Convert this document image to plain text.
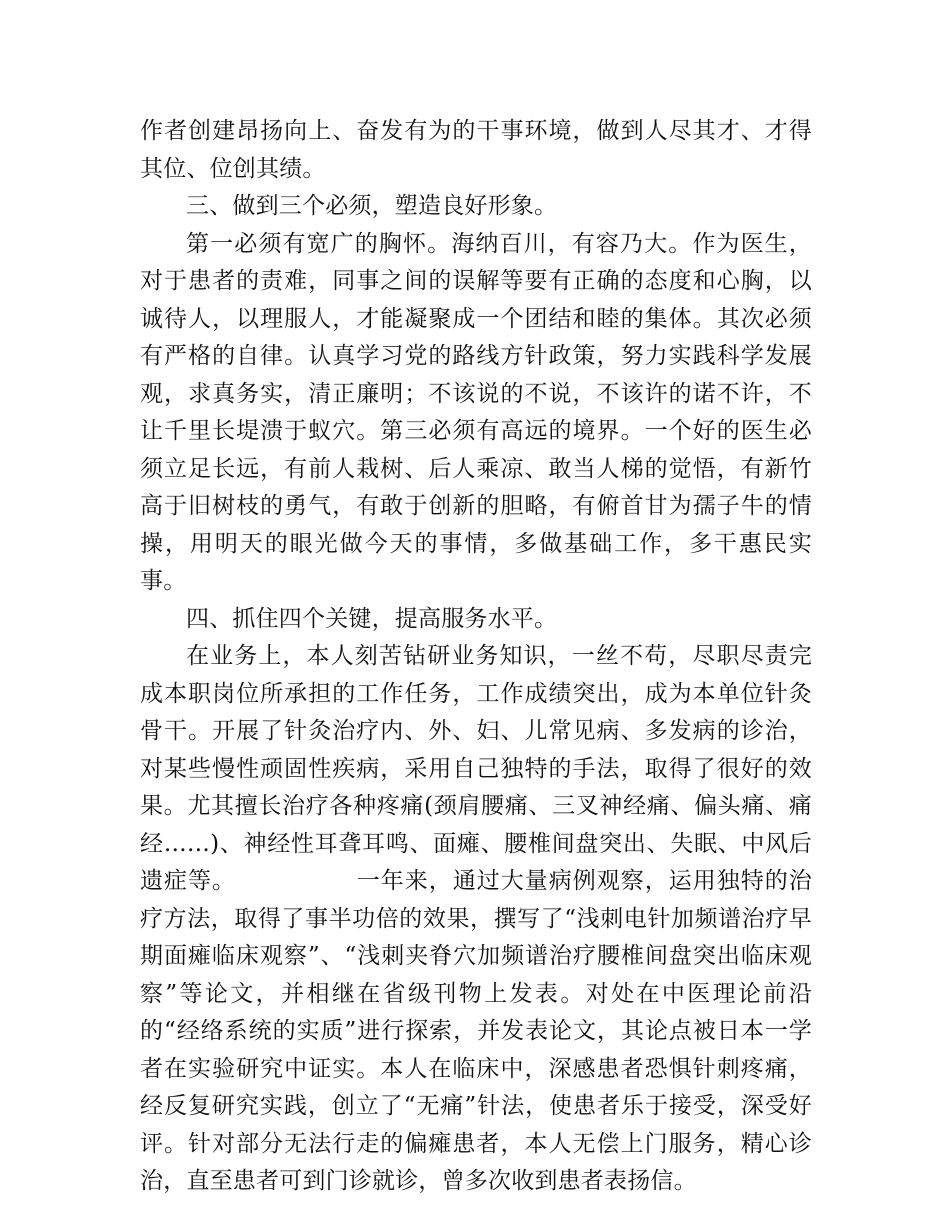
作者创建昂扬向上、奋发有为的干事环境，做到人尽其才、才得其位、位创其绩。

三、做到三个必须，塑造良好形象。

第一必须有宽广的胸怀。海纳百川，有容乃大。作为医生，对于患者的责难，同事之间的误解等要有正确的态度和心胸，以诚待人，以理服人，才能凝聚成一个团结和睦的集体。其次必须有严格的自律。认真学习党的路线方针政策，努力实践科学发展观，求真务实，清正廉明；不该说的不说，不该许的诺不许，不让千里长堤溃于蚁穴。第三必须有高远的境界。一个好的医生必须立足长远，有前人栽树、后人乘凉、敢当人梯的觉悟，有新竹高于旧树枝的勇气，有敢于创新的胆略，有俯首甘为孺子牛的情操，用明天的眼光做今天的事情，多做基础工作，多干惠民实事。

四、抓住四个关键，提高服务水平。

在业务上，本人刻苦钻研业务知识，一丝不苟，尽职尽责完成本职岗位所承担的工作任务，工作成绩突出，成为本单位针灸骨干。开展了针灸治疗内、外、妇、儿常见病、多发病的诊治，对某些慢性顽固性疾病，采用自己独特的手法，取得了很好的效果。尤其擅长治疗各种疼痛(颈肩腰痛、三叉神经痛、偏头痛、痛经……)、神经性耳聋耳鸣、面瘫、腰椎间盘突出、失眠、中风后遗症等。	一年来，通过大量病例观察，运用独特的治疗方法，取得了事半功倍的效果，撰写了“浅刺电针加频谱治疗早期面瘫临床观察”、“浅刺夹脊穴加频谱治疗腰椎间盘突出临床观察”等论文，并相继在省级刊物上发表。对处在中医理论前沿的“经络系统的实质”进行探索，并发表论文，其论点被日本一学者在实验研究中证实。本人在临床中，深感患者恐惧针刺疼痛，经反复研究实践，创立了“无痛”针法，使患者乐于接受，深受好评。针对部分无法行走的偏瘫患者，本人无偿上门服务，精心诊治，直至患者可到门诊就诊，曾多次收到患者表扬信。
